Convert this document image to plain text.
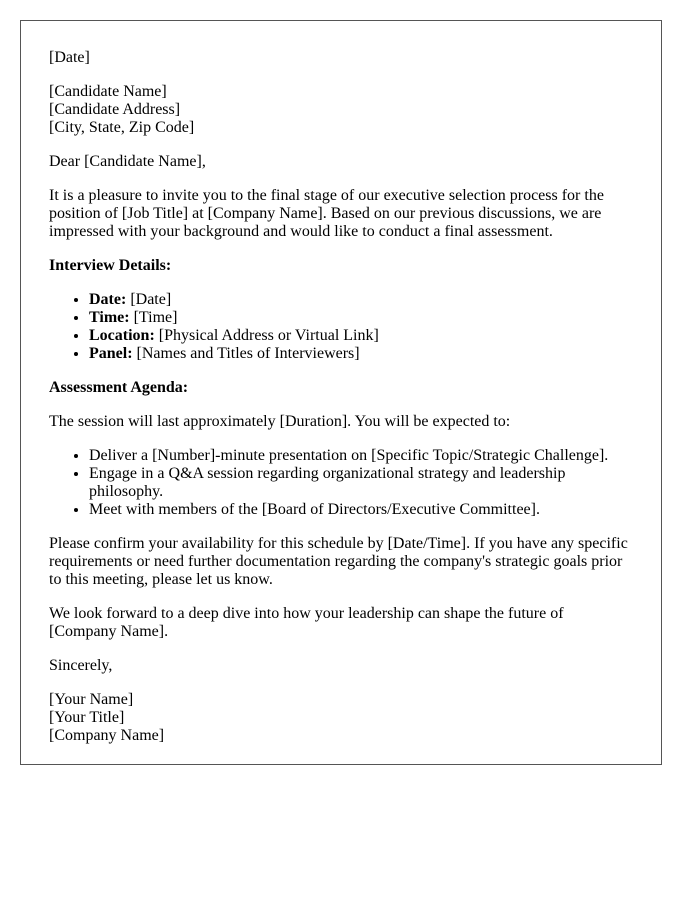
[Date]

[Candidate Name]
[Candidate Address]
[City, State, Zip Code]

Dear [Candidate Name],

It is a pleasure to invite you to the final stage of our executive selection process for the position of [Job Title] at [Company Name]. Based on our previous discussions, we are impressed with your background and would like to conduct a final assessment.

Interview Details:

• Date: [Date]
• Time: [Time]
• Location: [Physical Address or Virtual Link]
• Panel: [Names and Titles of Interviewers]

Assessment Agenda:

The session will last approximately [Duration]. You will be expected to:

• Deliver a [Number]-minute presentation on [Specific Topic/Strategic Challenge].
• Engage in a Q&A session regarding organizational strategy and leadership philosophy.
• Meet with members of the [Board of Directors/Executive Committee].

Please confirm your availability for this schedule by [Date/Time]. If you have any specific requirements or need further documentation regarding the company's strategic goals prior to this meeting, please let us know.

We look forward to a deep dive into how your leadership can shape the future of [Company Name].

Sincerely,

[Your Name]
[Your Title]
[Company Name]
